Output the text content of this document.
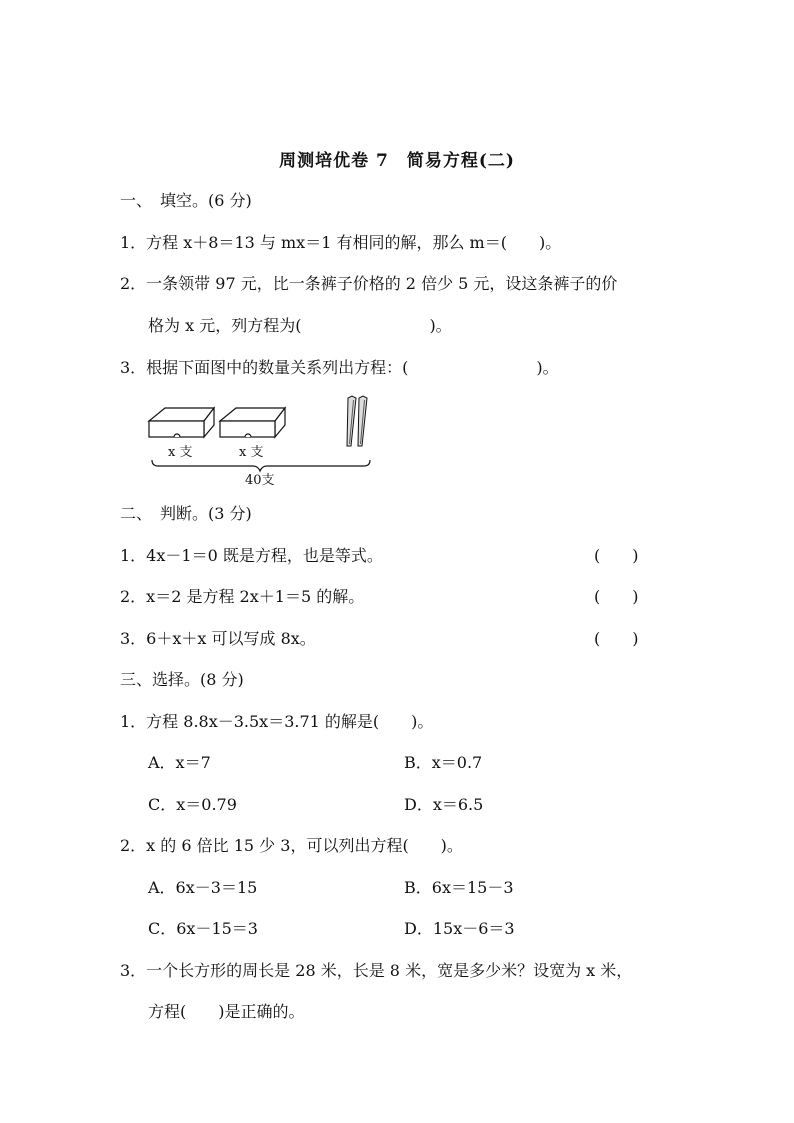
周测培优卷 7　简易方程(二)
一、　填空。(6 分)
1．方程 x＋8＝13 与 mx＝1 有相同的解，那么 m＝(　　)。
2．一条领带 97 元，比一条裤子价格的 2 倍少 5 元，设这条裤子的价
格为 x 元，列方程为(　　　　　　　　)。
3．根据下面图中的数量关系列出方程：(　　　　　　　　)。
x 支	x 支
40支
二、　判断。(3 分)
1．4x－1＝0 既是方程，也是等式。	(　　)
2．x＝2 是方程 2x＋1＝5 的解。	(　　)
3．6＋x＋x 可以写成 8x。	(　　)
三、选择。(8 分)
1．方程 8.8x－3.5x＝3.71 的解是(　　)。
A．x＝7	B．x＝0.7
C．x＝0.79	D．x＝6.5
2．x 的 6 倍比 15 少 3，可以列出方程(　　)。
A．6x－3＝15	B．6x＝15－3
C．6x－15＝3	D．15x－6＝3
3．一个长方形的周长是 28 米，长是 8 米，宽是多少米？设宽为 x 米，
方程(　　)是正确的。
